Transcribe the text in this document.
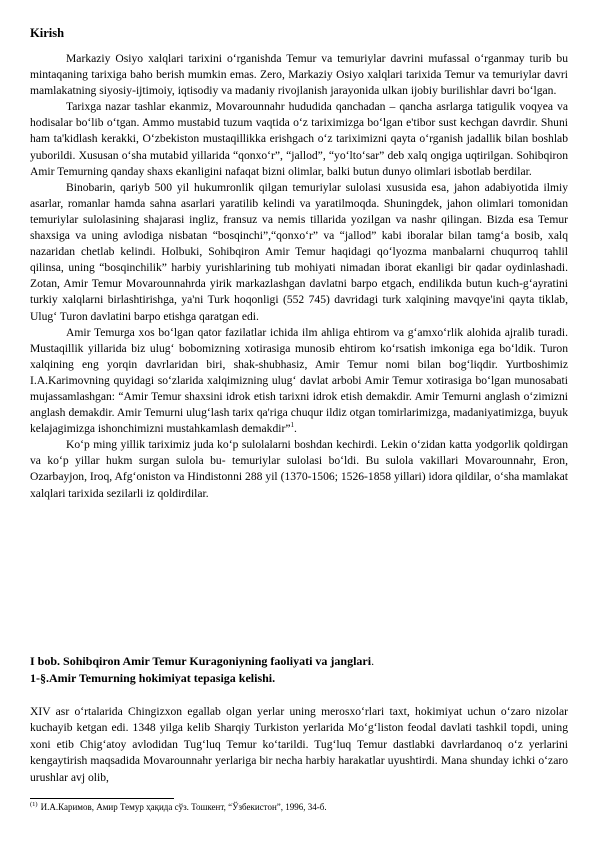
Kirish

Markaziy Osiyo xalqlari tarixini o‘rganishda Temur va temuriylar davrini mufassal o‘rganmay turib bu mintaqaning tarixiga baho berish mumkin emas. Zero, Markaziy Osiyo xalqlari tarixida Temur va temuriylar davri mamlakatning siyosiy-ijtimoiy, iqtisodiy va madaniy rivojlanish jarayonida ulkan ijobiy burilishlar davri bo‘lgan.

Tarixga nazar tashlar ekanmiz, Movarounnahr hududida qanchadan – qancha asrlarga tatigulik voqyea va hodisalar bo‘lib o‘tgan. Ammo mustabid tuzum vaqtida o‘z tariximizga bo‘lgan e'tibor sust kechgan davrdir. Shuni ham ta'kidlash kerakki, O‘zbekiston mustaqillikka erishgach o‘z tariximizni qayta o‘rganish jadallik bilan boshlab yuborildi. Xususan o‘sha mutabid yillarida “qonxo‘r”, “jallod”, “yo‘lto‘sar” deb xalq ongiga uqtirilgan. Sohibqiron Amir Temurning qanday shaxs ekanligini nafaqat bizni olimlar, balki butun dunyo olimlari isbotlab berdilar.

Binobarin, qariyb 500 yil hukumronlik qilgan temuriylar sulolasi xususida esa, jahon adabiyotida ilmiy asarlar, romanlar hamda sahna asarlari yaratilib kelindi va yaratilmoqda. Shuningdek, jahon olimlari tomonidan temuriylar sulolasining shajarasi ingliz, fransuz va nemis tillarida yozilgan va nashr qilingan. Bizda esa Temur shaxsiga va uning avlodiga nisbatan “bosqinchi”,“qonxo‘r” va “jallod” kabi iboralar bilan tamg‘a bosib, xalq nazaridan chetlab kelindi. Holbuki, Sohibqiron Amir Temur haqidagi qo‘lyozma manbalarni chuqurroq tahlil qilinsa, uning “bosqinchilik” harbiy yurishlarining tub mohiyati nimadan iborat ekanligi bir qadar oydinlashadi. Zotan, Amir Temur Movarounnahrda yirik markazlashgan davlatni barpo etgach, endilikda butun kuch-g‘ayratini turkiy xalqlarni birlashtirishga, ya'ni Turk hoqonligi (552 745) davridagi turk xalqining mavqye'ini qayta tiklab, Ulug‘ Turon davlatini barpo etishga qaratgan edi.

Amir Temurga xos bo‘lgan qator fazilatlar ichida ilm ahliga ehtirom va g‘amxo‘rlik alohida ajralib turadi. Mustaqillik yillarida biz ulug‘ bobomizning xotirasiga munosib ehtirom ko‘rsatish imkoniga ega bo‘ldik. Turon xalqining eng yorqin davrlaridan biri, shak-shubhasiz, Amir Temur nomi bilan bog‘liqdir. Yurtboshimiz I.A.Karimovning quyidagi so‘zlarida xalqimizning ulug‘ davlat arbobi Amir Temur xotirasiga bo‘lgan munosabati mujassamlashgan: “Amir Temur shaxsini idrok etish tarixni idrok etish demakdir. Amir Temurni anglash o‘zimizni anglash demakdir. Amir Temurni ulug‘lash tarix qa'riga chuqur ildiz otgan tomirlarimizga, madaniyatimizga, buyuk kelajagimizga ishonchimizni mustahkamlash demakdir”$^1$.

Ko‘p ming yillik tariximiz juda ko‘p sulolalarni boshdan kechirdi. Lekin o‘zidan katta yodgorlik qoldirgan va ko‘p yillar hukm surgan sulola bu- temuriylar sulolasi bo‘ldi. Bu sulola vakillari Movarounnahr, Eron, Ozarbayjon, Iroq, Afg‘oniston va Hindistonni 288 yil (1370-1506; 1526-1858 yillari) idora qildilar, o‘sha mamlakat xalqlari tarixida sezilarli iz qoldirdilar.

I bob. Sohibqiron Amir Temur Kuragoniyning faoliyati va janglari.
1-§.Amir Temurning hokimiyat tepasiga kelishi.

XIV asr o‘rtalarida Chingizxon egallab olgan yerlar uning merosxo‘rlari taxt, hokimiyat uchun o‘zaro nizolar kuchayib ketgan edi. 1348 yilga kelib Sharqiy Turkiston yerlarida Mo‘g‘liston feodal davlati tashkil topdi, uning xoni etib Chig‘atoy avlodidan Tug‘luq Temur ko‘tarildi. Tug‘luq Temur dastlabki davrlardanoq o‘z yerlarini kengaytirish maqsadida Movarounnahr yerlariga bir necha harbiy harakatlar uyushtirdi. Mana shunday ichki o‘zaro urushlar avj olib,

$^{(1)}$ И.А.Каримов, Амир Темур ҳақида сўз. Тошкент, “Ўзбекистон”, 1996, 34-б.
